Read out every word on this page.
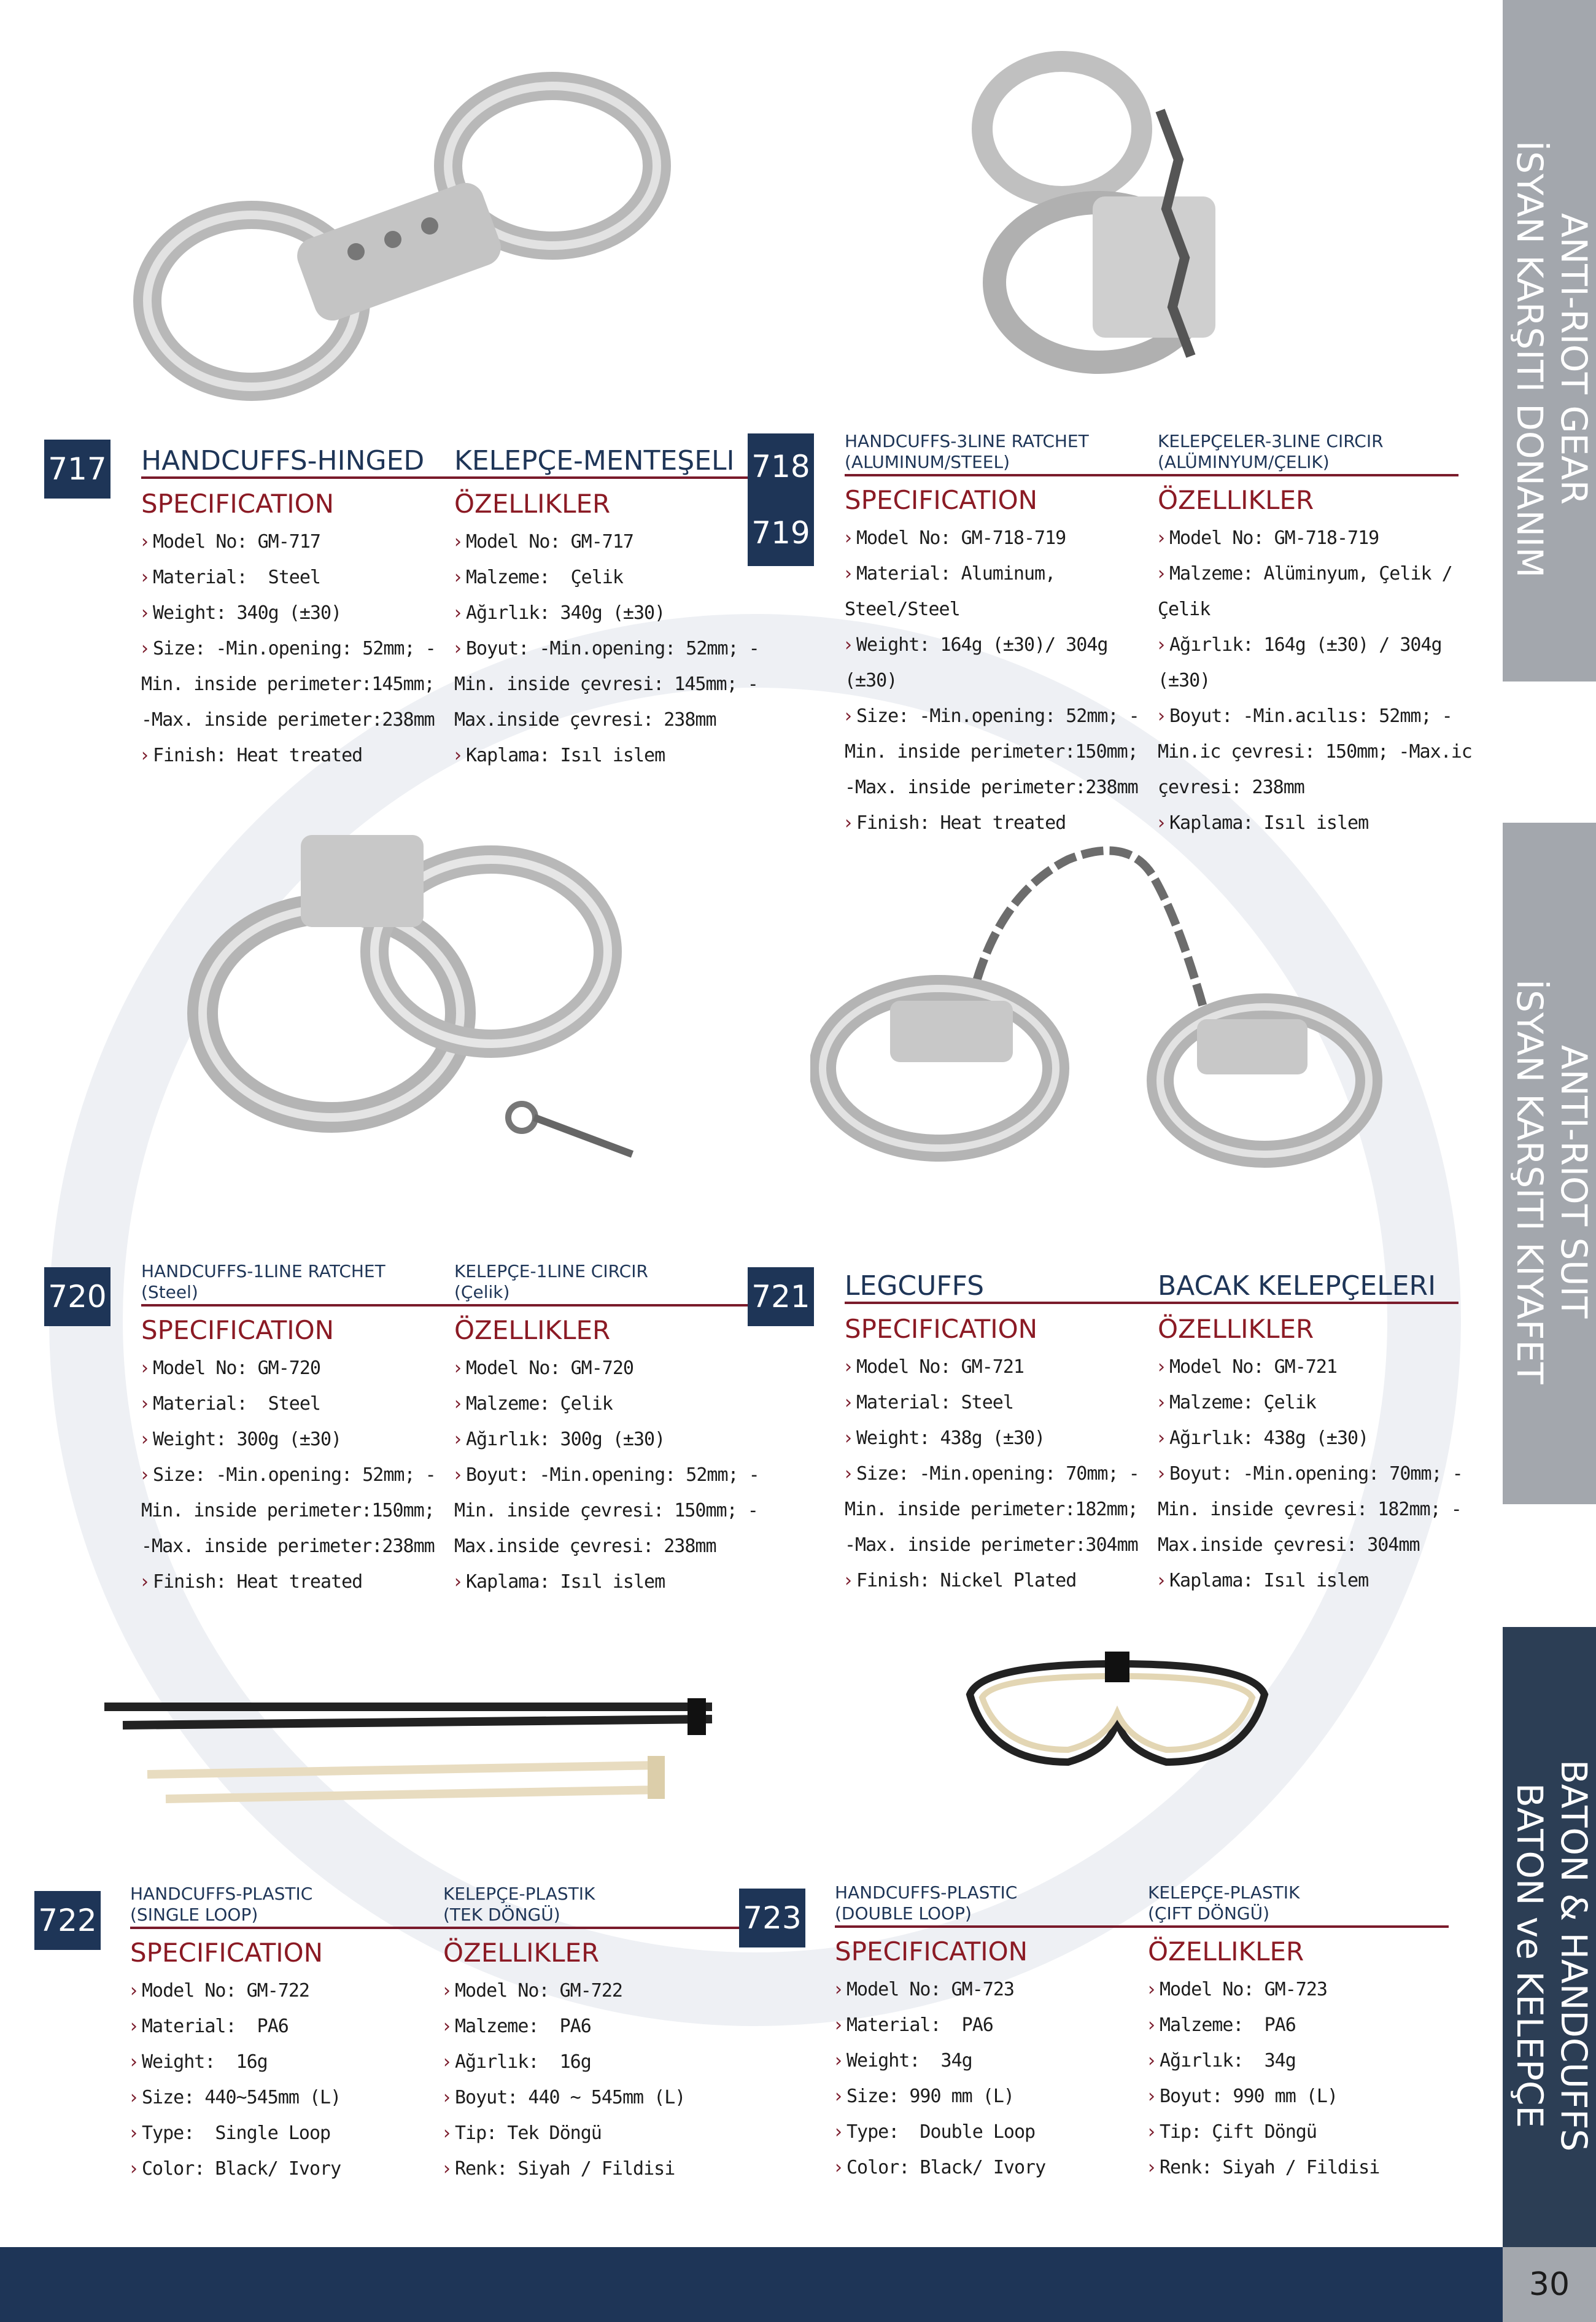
ANTI-RIOT GEAR
İSYAN KARŞITI DONANIM
ANTI-RIOT SUIT
İSYAN KARŞITI KIYAFET
BATON & HANDCUFFS
BATON ve KELEPÇE
30
717 HANDCUFFS-HINGED
SPECIFICATION
› Model No: GM-717
› Material:  Steel
› Weight: 340g (±30)
› Size: -Min.opening: 52mm; -Min. inside perimeter:145mm; -Max. inside perimeter:238mm
› Finish: Heat treated
KELEPÇE-MENTEŞELI
ÖZELLIKLER
› Model No: GM-717
› Malzeme:  Çelik
› Ağırlık: 340g (±30)
› Boyut: -Min.opening: 52mm; -Min. inside çevresi: 145mm; -Max.inside çevresi: 238mm
› Kaplama: Isıl islem
718
719
HANDCUFFS-3LINE RATCHET
(ALUMINUM/STEEL)
SPECIFICATION
› Model No: GM-718-719
› Material: Aluminum, Steel/Steel
› Weight: 164g (±30)/ 304g (±30)
› Size: -Min.opening: 52mm; -Min. inside perimeter:150mm; -Max. inside perimeter:238mm
› Finish: Heat treated
KELEPÇELER-3LINE CIRCIR
(ALÜMINYUM/ÇELIK)
ÖZELLIKLER
› Model No: GM-718-719
› Malzeme: Alüminyum, Çelik / Çelik
› Ağırlık: 164g (±30) / 304g (±30)
› Boyut: -Min.acılıs: 52mm; -Min.ic çevresi: 150mm; -Max.ic çevresi: 238mm
› Kaplama: Isıl islem
720
HANDCUFFS-1LINE RATCHET
(Steel)
SPECIFICATION
› Model No: GM-720
› Material:  Steel
› Weight: 300g (±30)
› Size: -Min.opening: 52mm; -Min. inside perimeter:150mm; -Max. inside perimeter:238mm
› Finish: Heat treated
KELEPÇE-1LINE CIRCIR
(Çelik)
ÖZELLIKLER
› Model No: GM-720
› Malzeme: Çelik
› Ağırlık: 300g (±30)
› Boyut: -Min.opening: 52mm; -Min. inside çevresi: 150mm; -Max.inside çevresi: 238mm
› Kaplama: Isıl islem
721 LEGCUFFS
SPECIFICATION
› Model No: GM-721
› Material: Steel
› Weight: 438g (±30)
› Size: -Min.opening: 70mm; -Min. inside perimeter:182mm; -Max. inside perimeter:304mm
› Finish: Nickel Plated
BACAK KELEPÇELERI
ÖZELLIKLER
› Model No: GM-721
› Malzeme: Çelik
› Ağırlık: 438g (±30)
› Boyut: -Min.opening: 70mm; -Min. inside çevresi: 182mm; -Max.inside çevresi: 304mm
› Kaplama: Isıl islem
722
HANDCUFFS-PLASTIC
(SINGLE LOOP)
SPECIFICATION
› Model No: GM-722
› Material:  PA6
› Weight:  16g
› Size: 440~545mm (L)
› Type:  Single Loop
› Color: Black/ Ivory
KELEPÇE-PLASTIK
(TEK DÖNGÜ)
ÖZELLIKLER
› Model No: GM-722
› Malzeme:  PA6
› Ağırlık:  16g
› Boyut: 440 ~ 545mm (L)
› Tip: Tek Döngü
› Renk: Siyah / Fildisi
723
HANDCUFFS-PLASTIC
(DOUBLE LOOP)
SPECIFICATION
› Model No: GM-723
› Material:  PA6
› Weight:  34g
› Size: 990 mm (L)
› Type:  Double Loop
› Color: Black/ Ivory
KELEPÇE-PLASTIK
(ÇIFT DÖNGÜ)
ÖZELLIKLER
› Model No: GM-723
› Malzeme:  PA6
› Ağırlık:  34g
› Boyut: 990 mm (L)
› Tip: Çift Döngü
› Renk: Siyah / Fildisi
